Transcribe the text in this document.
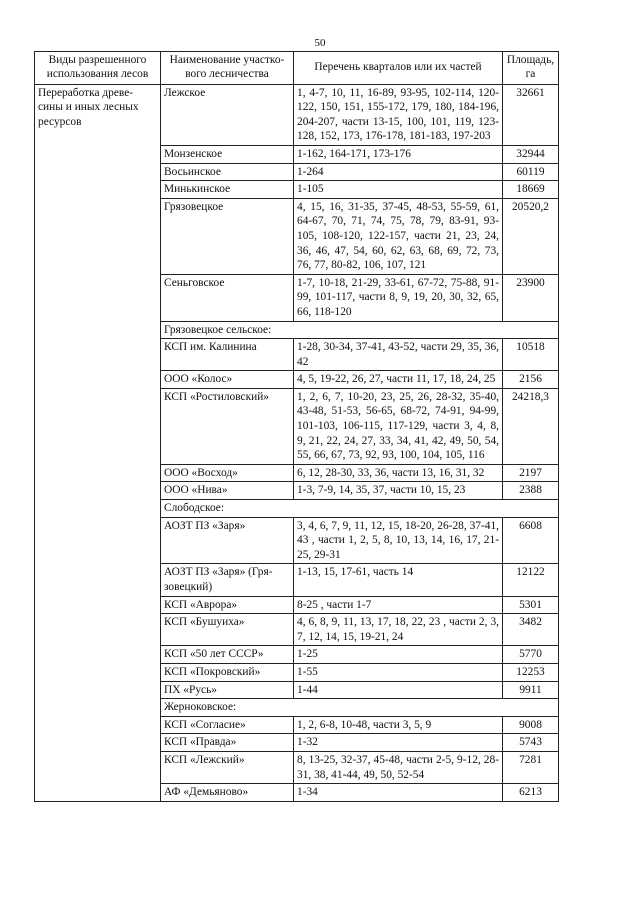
50
Виды разрешенного использования лесов	Наименование участко-вого лесничества	Перечень кварталов или их частей	Площадь, га
Переработка древе-сины и иных лесных ресурсов	Лежское	1, 4-7, 10, 11, 16-89, 93-95, 102-114, 120-122, 150, 151, 155-172, 179, 180, 184-196, 204-207, части 13-15, 100, 101, 119, 123-128, 152, 173, 176-178, 181-183, 197-203	32661
	Монзенское	1-162, 164-171, 173-176	32944
	Восьинское	1-264	60119
	Минькинское	1-105	18669
	Грязовецкое	4, 15, 16, 31-35, 37-45, 48-53, 55-59, 61, 64-67, 70, 71, 74, 75, 78, 79, 83-91, 93-105, 108-120, 122-157, части 21, 23, 24, 36, 46, 47, 54, 60, 62, 63, 68, 69, 72, 73, 76, 77, 80-82, 106, 107, 121	20520,2
	Сеньговское	1-7, 10-18, 21-29, 33-61, 67-72, 75-88, 91-99, 101-117, части 8, 9, 19, 20, 30, 32, 65, 66, 118-120	23900
	Грязовецкое сельское:		
	КСП им. Калинина	1-28, 30-34, 37-41, 43-52, части 29, 35, 36, 42	10518
	ООО «Колос»	4, 5, 19-22, 26, 27, части 11, 17, 18, 24, 25	2156
	КСП «Ростиловский»	1, 2, 6, 7, 10-20, 23, 25, 26, 28-32, 35-40, 43-48, 51-53, 56-65, 68-72, 74-91, 94-99, 101-103, 106-115, 117-129, части 3, 4, 8, 9, 21, 22, 24, 27, 33, 34, 41, 42, 49, 50, 54, 55, 66, 67, 73, 92, 93, 100, 104, 105, 116	24218,3
	ООО «Восход»	6, 12, 28-30, 33, 36, части 13, 16, 31, 32	2197
	ООО «Нива»	1-3, 7-9, 14, 35, 37, части 10, 15, 23	2388
	Слободское:		
	АОЗТ ПЗ «Заря»	3, 4, 6, 7, 9, 11, 12, 15, 18-20, 26-28, 37-41, 43 , части 1, 2, 5, 8, 10, 13, 14, 16, 17, 21-25, 29-31	6608
	АОЗТ ПЗ «Заря» (Гря-зовецкий)	1-13, 15, 17-61, часть 14	12122
	КСП «Аврора»	8-25 , части 1-7	5301
	КСП «Бушуиха»	4, 6, 8, 9, 11, 13, 17, 18, 22, 23 , части 2, 3, 7, 12, 14, 15, 19-21, 24	3482
	КСП «50 лет СССР»	1-25	5770
	КСП «Покровский»	1-55	12253
	ПХ «Русь»	1-44	9911
	Жерноковское:		
	КСП «Согласие»	1, 2, 6-8, 10-48, части 3, 5, 9	9008
	КСП «Правда»	1-32	5743
	КСП «Лежский»	8, 13-25, 32-37, 45-48, части 2-5, 9-12, 28-31, 38, 41-44, 49, 50, 52-54	7281
	АФ «Демьяново»	1-34	6213
